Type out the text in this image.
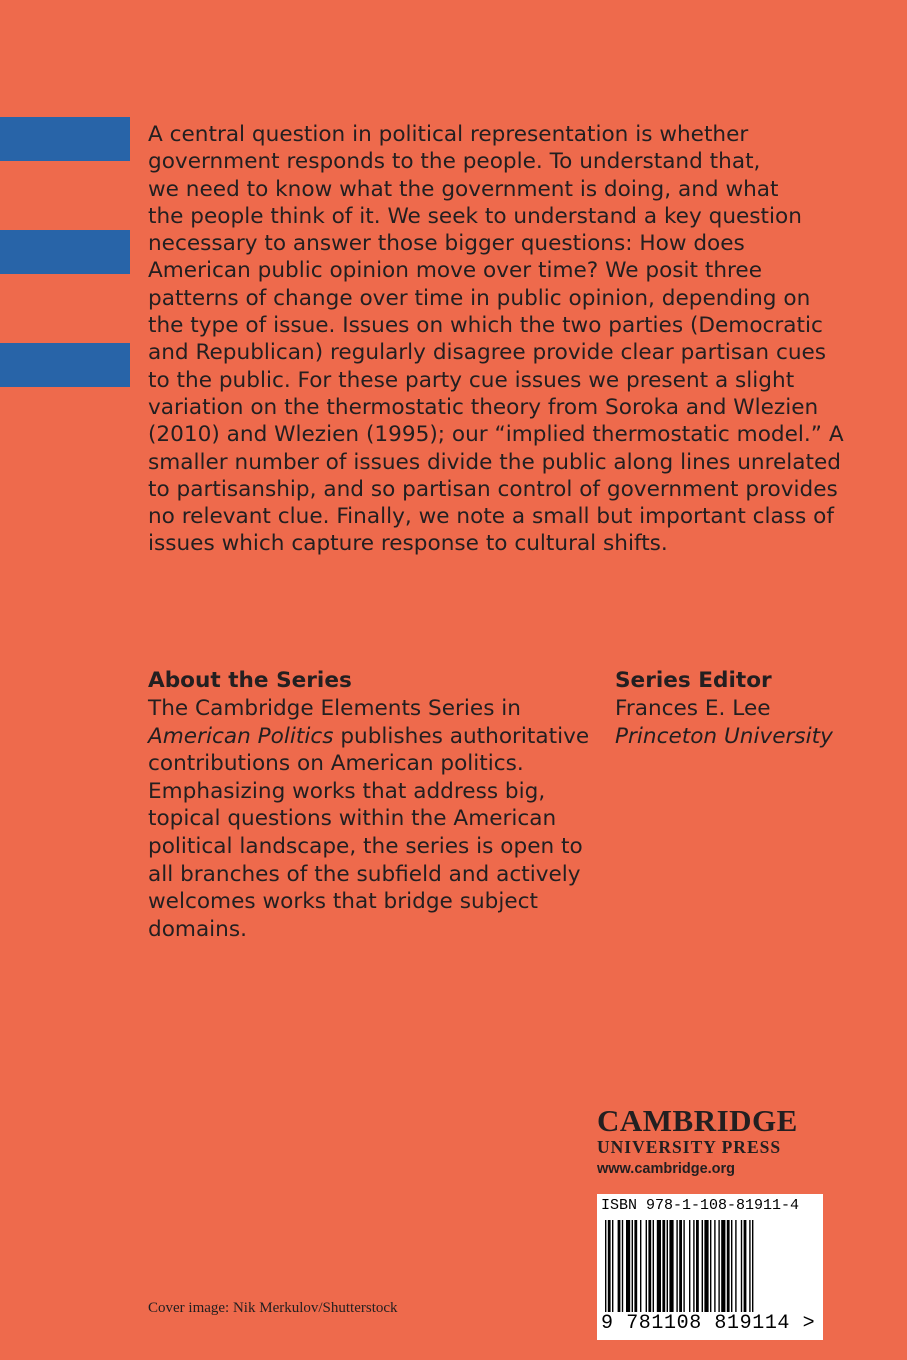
A central question in political representation is whether

government responds to the people. To understand that,

we need to know what the government is doing, and what

the people think of it. We seek to understand a key question

necessary to answer those bigger questions: How does

American public opinion move over time? We posit three

patterns of change over time in public opinion, depending on

the type of issue. Issues on which the two parties (Democratic

and Republican) regularly disagree provide clear partisan cues

to the public. For these party cue issues we present a slight

variation on the thermostatic theory from Soroka and Wlezien

(2010) and Wlezien (1995); our “implied thermostatic model.” A

smaller number of issues divide the public along lines unrelated

to partisanship, and so partisan control of government provides

no relevant clue. Finally, we note a small but important class of

issues which capture response to cultural shifts.

About the Series

The Cambridge Elements Series in

American Politics publishes authoritative

contributions on American politics.

Emphasizing works that address big,

topical questions within the American

political landscape, the series is open to

all branches of the subfield and actively

welcomes works that bridge subject

domains.

Series Editor

Frances E. Lee

Princeton University

CAMBRIDGE

UNIVERSITY PRESS

www.cambridge.org

ISBN 978-1-108-81911-4

9 781108 819114 >

Cover image: Nik Merkulov/Shutterstock
